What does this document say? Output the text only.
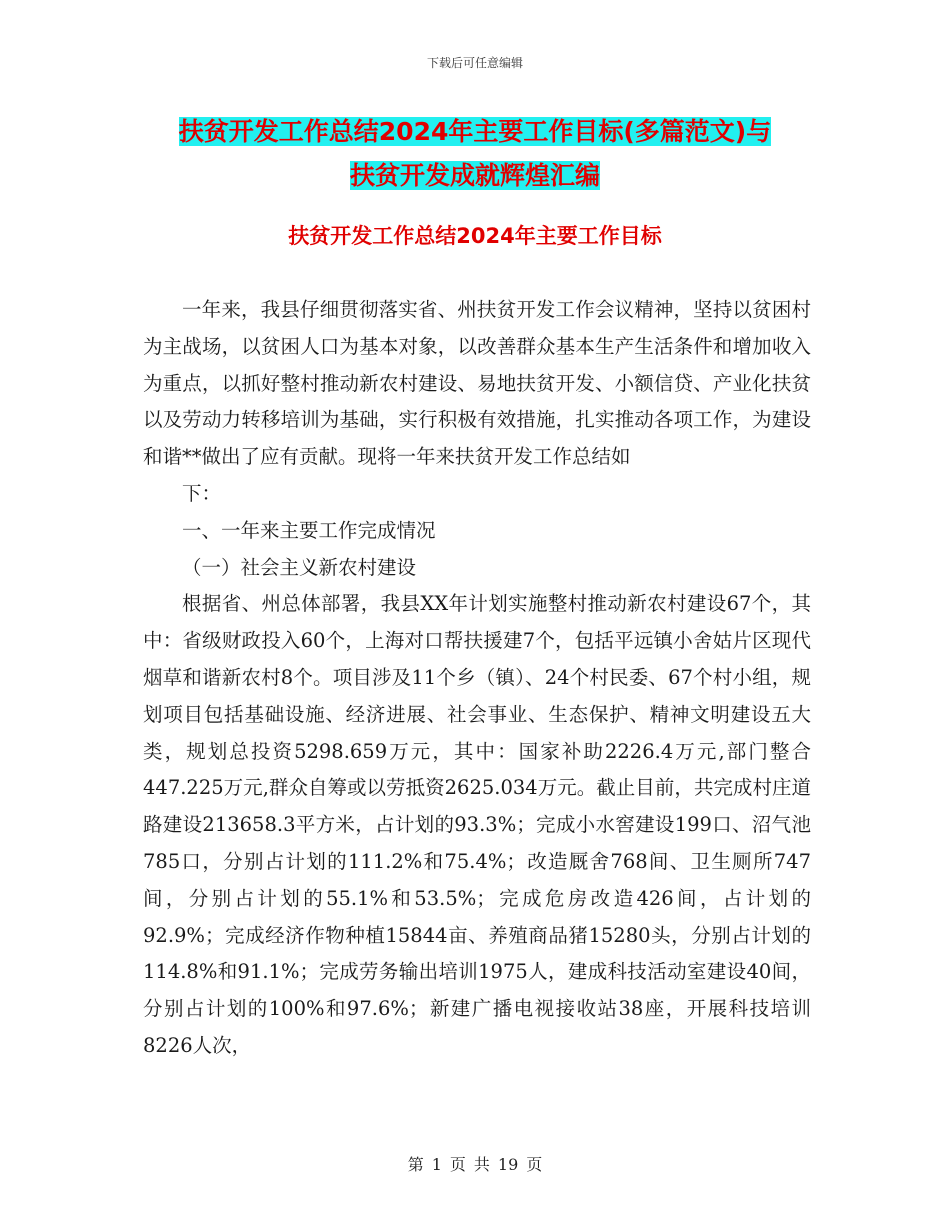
下载后可任意编辑
扶贫开发工作总结2024年主要工作目标(多篇范文)与
扶贫开发成就辉煌汇编
扶贫开发工作总结2024年主要工作目标

一年来，我县仔细贯彻落实省、州扶贫开发工作会议精神，坚持以贫困村为主战场，以贫困人口为基本对象，以改善群众基本生产生活条件和增加收入为重点，以抓好整村推动新农村建设、易地扶贫开发、小额信贷、产业化扶贫以及劳动力转移培训为基础，实行积极有效措施，扎实推动各项工作，为建设和谐**做出了应有贡献。现将一年来扶贫开发工作总结如

下：

一、一年来主要工作完成情况

（一）社会主义新农村建设

根据省、州总体部署，我县XX年计划实施整村推动新农村建设67个，其中：省级财政投入60个，上海对口帮扶援建7个，包括平远镇小舍姑片区现代烟草和谐新农村8个。项目涉及11个乡（镇）、24个村民委、67个村小组，规划项目包括基础设施、经济进展、社会事业、生态保护、精神文明建设五大类，规划总投资5298.659万元，其中：国家补助2226.4万元,部门整合447.225万元,群众自筹或以劳抵资2625.034万元。截止目前，共完成村庄道路建设213658.3平方米，占计划的93.3%；完成小水窖建设199口、沼气池785口，分别占计划的111.2%和75.4%；改造厩舍768间、卫生厕所747间，分别占计划的55.1%和53.5%；完成危房改造426间，占计划的92.9%；完成经济作物种植15844亩、养殖商品猪15280头，分别占计划的114.8%和91.1%；完成劳务输出培训1975人，建成科技活动室建设40间，分别占计划的100%和97.6%；新建广播电视接收站38座，开展科技培训8226人次，

第 1 页 共 19 页
